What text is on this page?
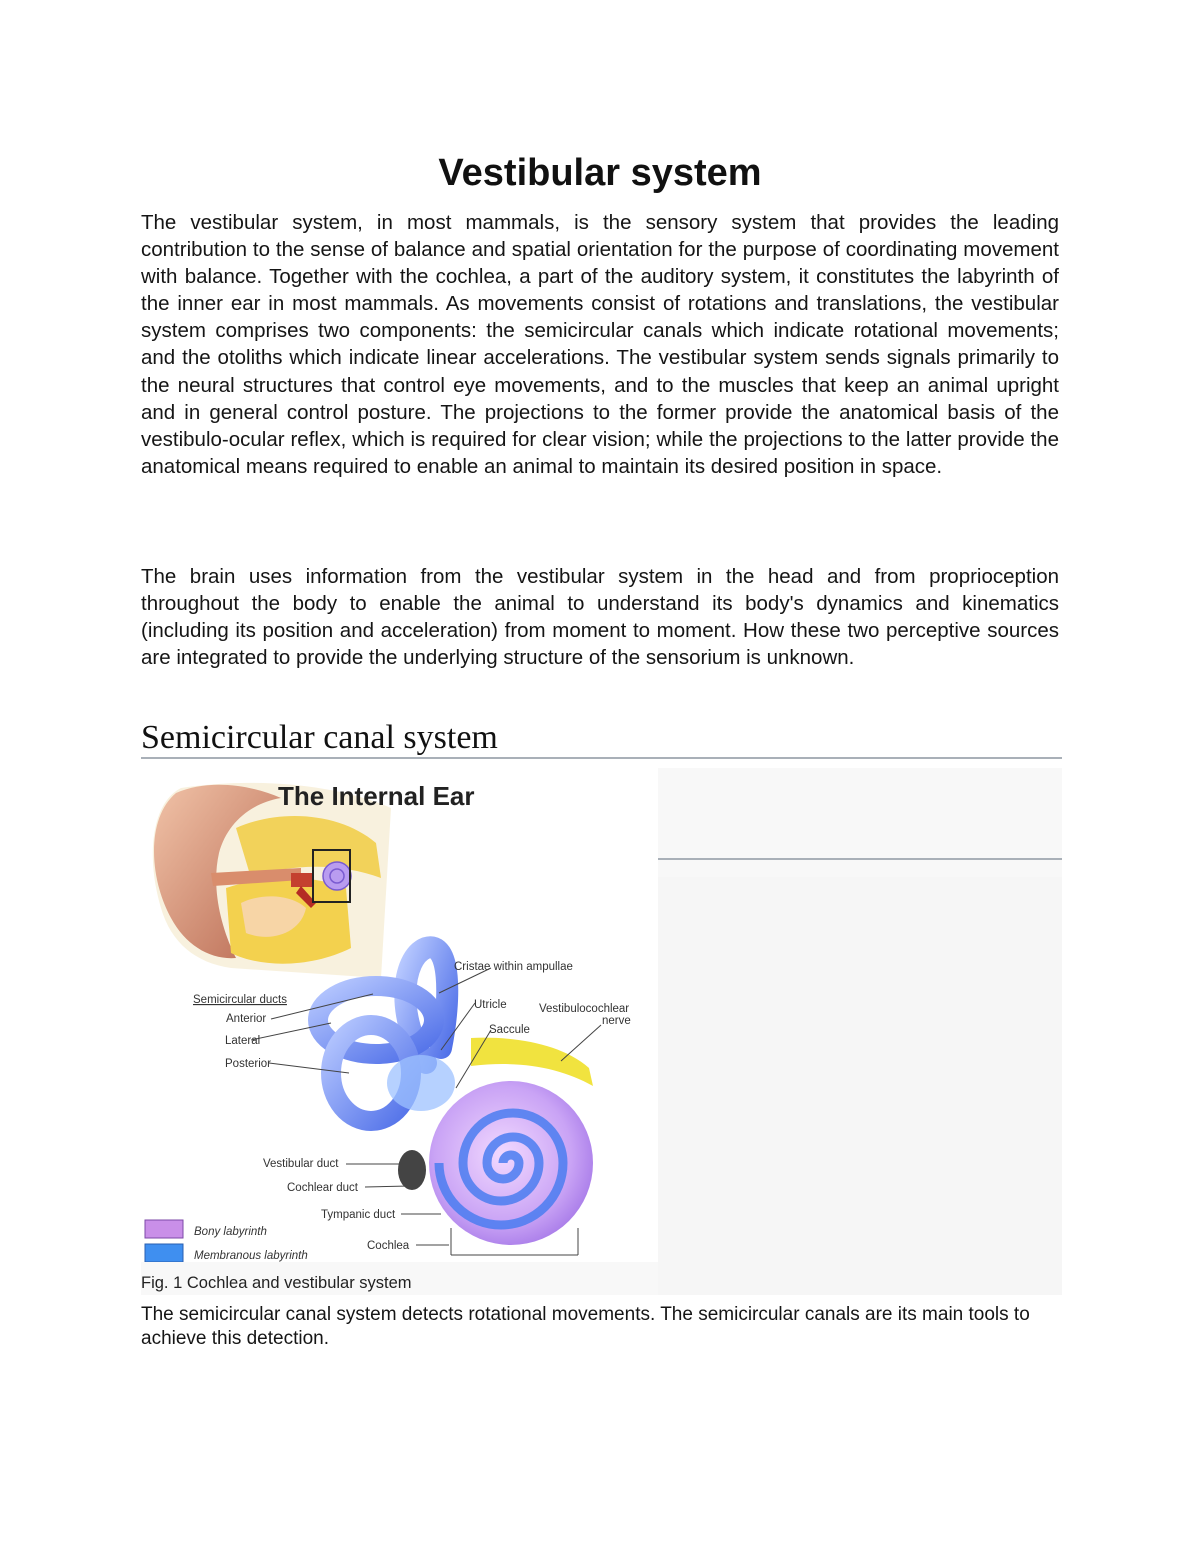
Vestibular system

The vestibular system, in most mammals, is the sensory system that provides the leading contribution to the sense of balance and spatial orientation for the purpose of coordinating movement with balance. Together with the cochlea, a part of the auditory system, it constitutes the labyrinth of the inner ear in most mammals. As movements consist of rotations and translations, the vestibular system comprises two components: the semicircular canals which indicate rotational movements; and the otoliths which indicate linear accelerations. The vestibular system sends signals primarily to the neural structures that control eye movements, and to the muscles that keep an animal upright and in general control posture. The projections to the former provide the anatomical basis of the vestibulo-ocular reflex, which is required for clear vision; while the projections to the latter provide the anatomical means required to enable an animal to maintain its desired position in space.

The brain uses information from the vestibular system in the head and from proprioception throughout the body to enable the animal to understand its body's dynamics and kinematics (including its position and acceleration) from moment to moment. How these two perceptive sources are integrated to provide the underlying structure of the sensorium is unknown.

Semicircular canal system
The Internal Ear
Semicircular ducts
Anterior
Lateral
Posterior
Cristae within ampullae
Utricle
Saccule
Vestibulocochlear
nerve
Vestibular duct
Cochlear duct
Tympanic duct
Cochlea
Bony labyrinth
Membranous labyrinth

Fig. 1 Cochlea and vestibular system

The semicircular canal system detects rotational movements. The semicircular canals are its main tools to achieve this detection.
